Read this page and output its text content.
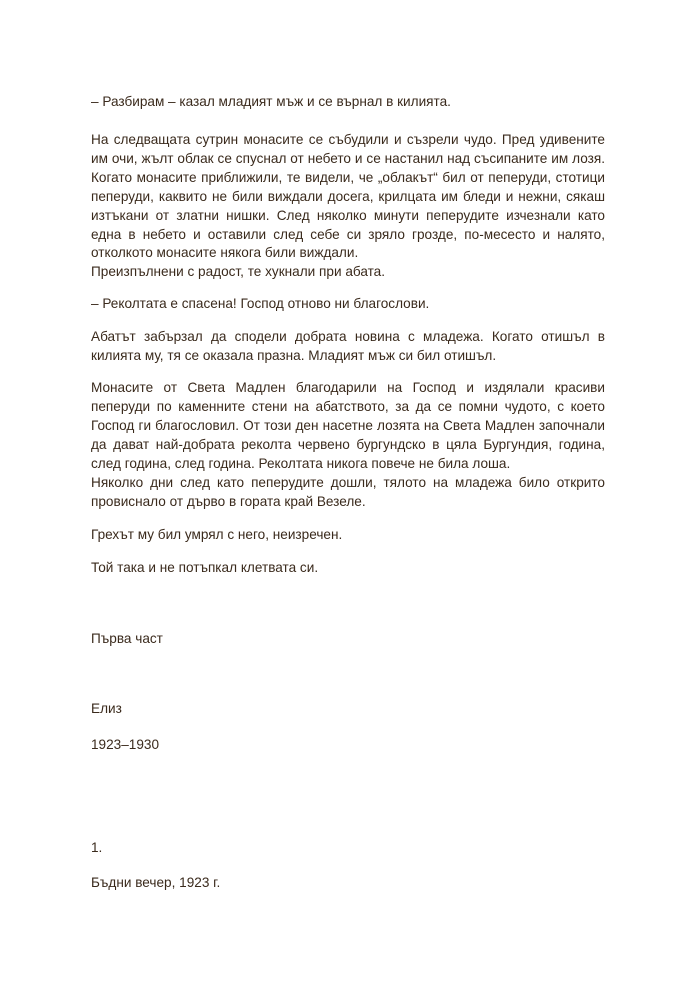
– Разбирам – казал младият мъж и се върнал в килията.

На следващата сутрин монасите се събудили и съзрели чудо. Пред удивените им очи, жълт облак се спуснал от небето и се настанил над съсипаните им лозя. Когато монасите приближили, те видели, че „облакът“ бил от пеперуди, стотици пеперуди, каквито не били виждали досега, крилцата им бледи и нежни, сякаш изтъкани от златни нишки. След няколко минути пеперудите изчезнали като една в небето и оставили след себе си зряло грозде, по-месесто и налято, отколкото монасите някога били виждали.

Преизпълнени с радост, те хукнали при абата.

– Реколтата е спасена! Господ отново ни благослови.

Абатът забързал да сподели добрата новина с младежа. Когато отишъл в килията му, тя се оказала празна. Младият мъж си бил отишъл.

Монасите от Света Мадлен благодарили на Господ и издялали красиви пеперуди по каменните стени на абатството, за да се помни чудото, с което Господ ги благословил. От този ден насетне лозята на Света Мадлен започнали да дават най-добрата реколта червено бургундско в цяла Бургундия, година, след година, след година. Реколтата никога повече не била лоша.

Няколко дни след като пеперудите дошли, тялото на младежа било открито провиснало от дърво в гората край Везеле.

Грехът му бил умрял с него, неизречен.

Той така и не потъпкал клетвата си.

Първа част

Елиз

1923–1930

1.

Бъдни вечер, 1923 г.
